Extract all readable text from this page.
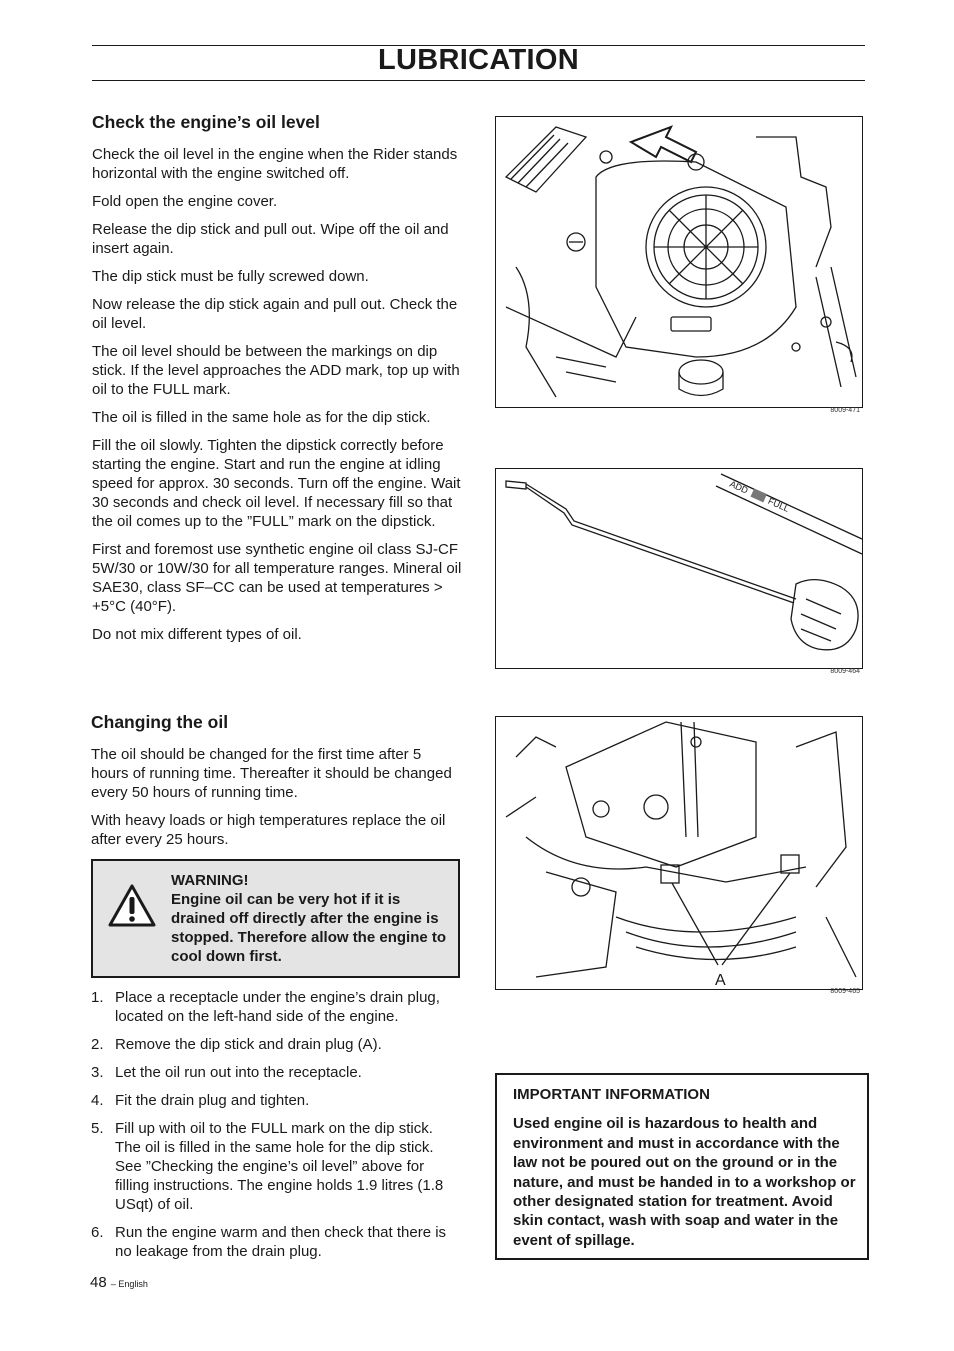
LUBRICATION
Check the engine’s oil level

Check the oil level in the engine when the Rider stands horizontal with the engine switched off.

Fold open the engine cover.

Release the dip stick and pull out. Wipe off the oil and insert again.

The dip stick must be fully screwed down.

Now release the dip stick again and pull out. Check the oil level.

The oil level should be between the markings on dip stick. If the level approaches the ADD mark, top up with oil to the FULL mark.

The oil is filled in the same hole as for the dip stick.

Fill the oil slowly. Tighten the dipstick correctly before starting the engine. Start and run the engine at idling speed for approx. 30 seconds. Turn off the engine. Wait 30 seconds and check oil level. If necessary fill so that the oil comes up to the ”FULL” mark on the dipstick.

First and foremost use synthetic engine oil class SJ-CF 5W/30 or 10W/30 for all temperature ranges. Mineral oil SAE30, class SF–CC can be used at temperatures > +5°C (40°F).

Do not mix different types of oil.

Changing the oil

The oil should be changed for the first time after 5 hours of running time. Thereafter it should be changed every 50 hours of running time.

With heavy loads or high temperatures replace the oil after every 25 hours.

WARNING!
Engine oil can be very hot if it is drained off directly after the engine is stopped. Therefore allow the engine to cool down first.
1. Place a receptacle under the engine’s drain plug, located on the left-hand side of the engine.
2. Remove the dip stick and drain plug (A).
3. Let the oil run out into the receptacle.
4. Fit the drain plug and tighten.
5. Fill up with oil to the FULL mark on the dip stick. The oil is filled in the same hole for the dip stick. See ”Checking the engine’s oil level” above for filling instructions. The engine holds 1.9 litres (1.8 USqt) of oil.
6. Run the engine warm and then check that there is no leakage from the drain plug.
8009-471
ADD
FULL
8009-464
A
8009-465
IMPORTANT INFORMATION
Used engine oil is hazardous to health and environment and must in accordance with the law not be poured out on the ground or in the nature, and must be handed in to a workshop or other designated station for treatment. Avoid skin contact, wash with soap and water in the event of spillage.
48 – English
